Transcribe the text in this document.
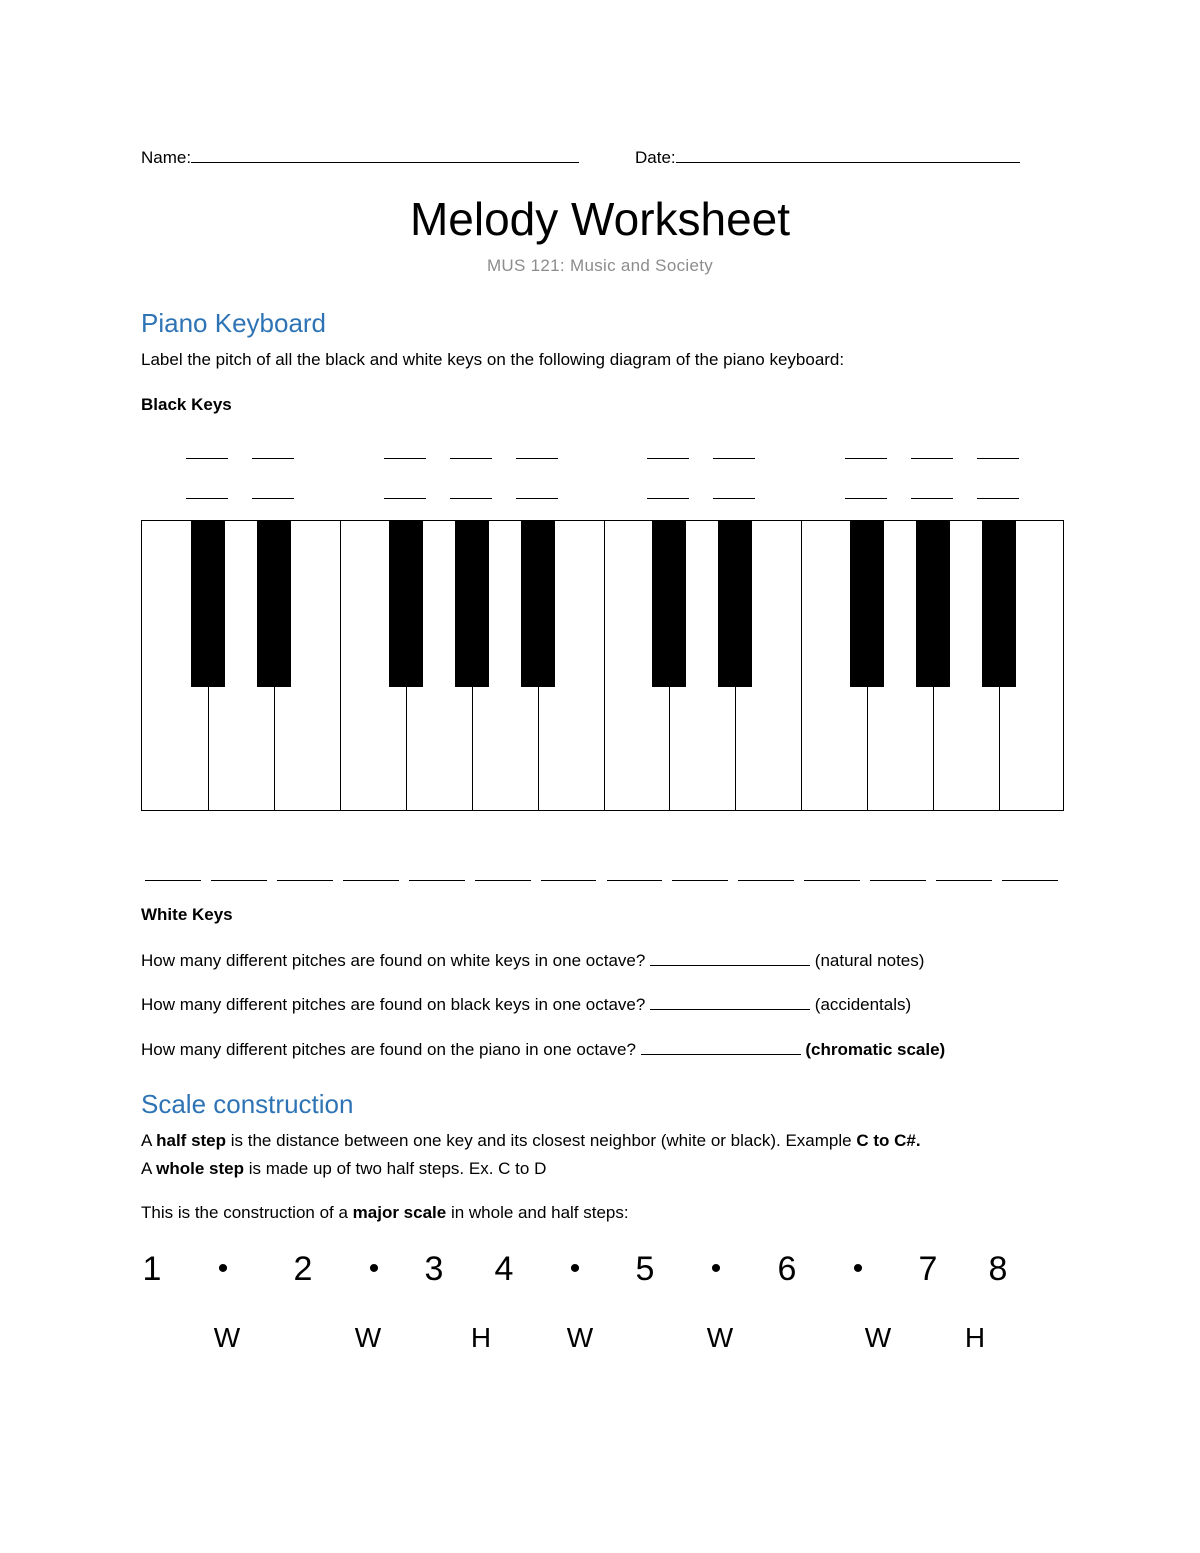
Name:	Date:
Melody Worksheet
MUS 121: Music and Society
Piano Keyboard
Label the pitch of all the black and white keys on the following diagram of the piano keyboard:
Black Keys
White Keys
How many different pitches are found on white keys in one octave?	(natural notes)
How many different pitches are found on black keys in one octave?	(accidentals)
How many different pitches are found on the piano in one octave?	(chromatic scale)
Scale construction
A half step is the distance between one key and its closest neighbor (white or black). Example C to C#.
A whole step is made up of two half steps. Ex. C to D
This is the construction of a major scale in whole and half steps:
1	•	2	•	3	4	•	5	•	6	•	7	8
W	W	H	W	W	W	H
